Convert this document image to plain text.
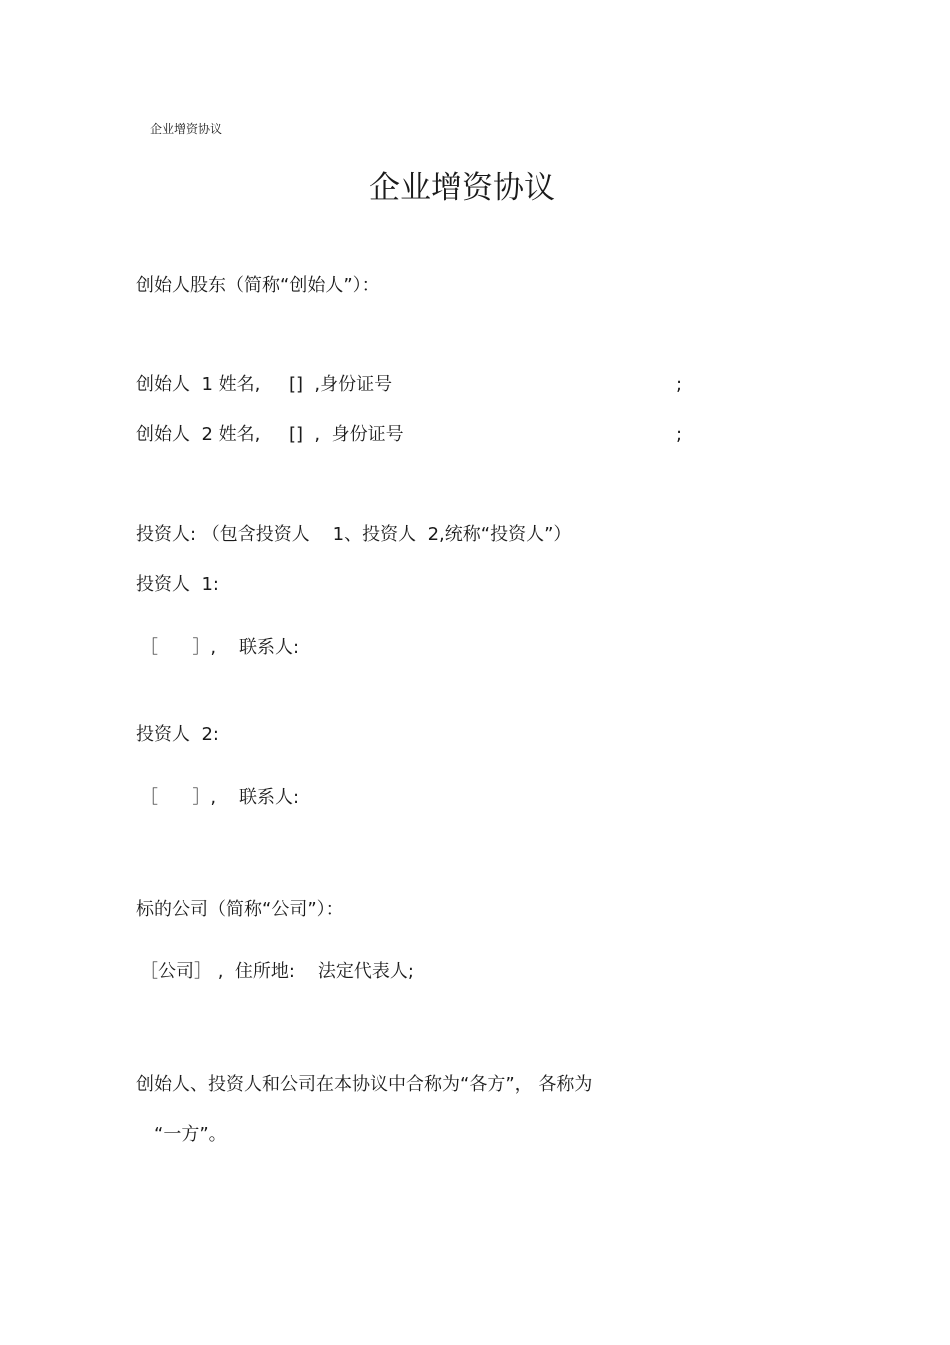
企业增资协议
企业增资协议
创始人股东（简称“创始人”）：
创始人  1 姓名,     []  ,身份证号	;
创始人  2 姓名,     []  ,  身份证号	;
投资人: （包含投资人    1、投资人  2,统称“投资人”）
投资人  1:
［      ］,    联系人:
投资人  2:
［      ］,    联系人:
标的公司（简称“公司”）：
［公司］ ,  住所地:    法定代表人;
创始人、投资人和公司在本协议中合称为“各方”， 各称为
“一方”。
